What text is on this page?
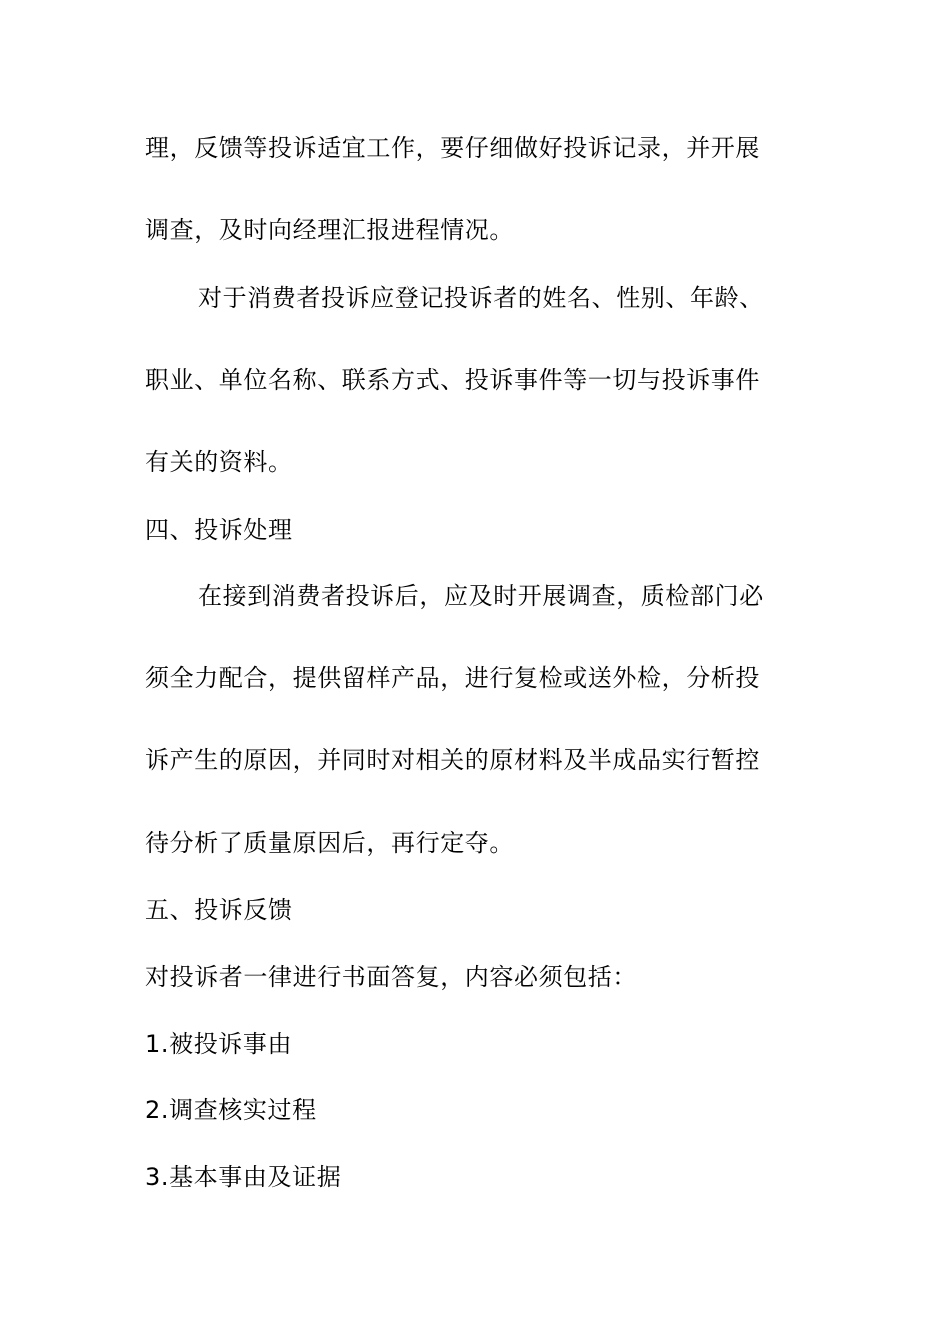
理，反馈等投诉适宜工作，要仔细做好投诉记录，并开展
调查，及时向经理汇报进程情况。
对于消费者投诉应登记投诉者的姓名、性别、年龄、
职业、单位名称、联系方式、投诉事件等一切与投诉事件
有关的资料。
四、投诉处理
在接到消费者投诉后，应及时开展调查，质检部门必
须全力配合，提供留样产品，进行复检或送外检，分析投
诉产生的原因，并同时对相关的原材料及半成品实行暂控
待分析了质量原因后，再行定夺。
五、投诉反馈
对投诉者一律进行书面答复，内容必须包括：
1.被投诉事由
2.调查核实过程
3.基本事由及证据
